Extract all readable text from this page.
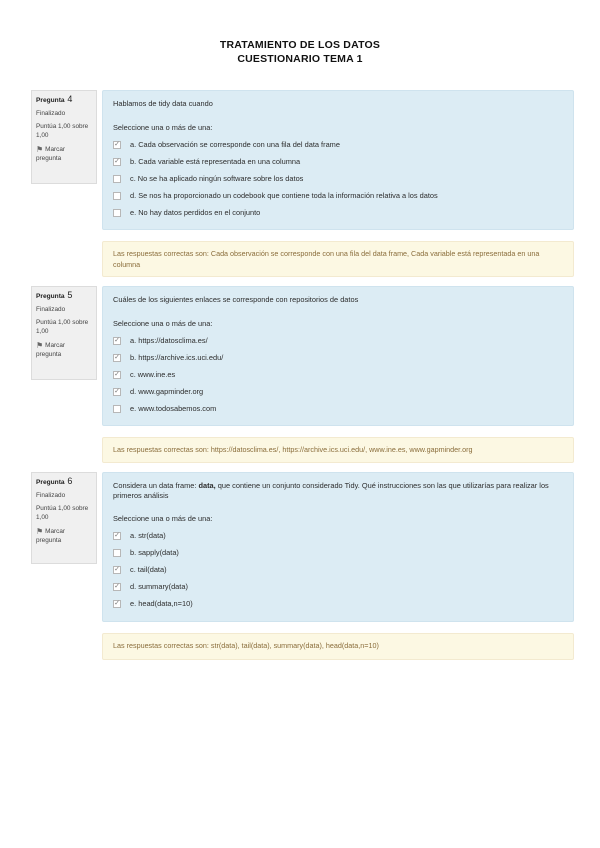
TRATAMIENTO DE LOS DATOS
CUESTIONARIO TEMA 1
Pregunta 4
Finalizado
Puntúa 1,00 sobre 1,00
⚑ Marcar pregunta
Hablamos de tidy data cuando
Seleccione una o más de una:
✓ a. Cada observación se corresponde con una fila del data frame
✓ b. Cada variable está representada en una columna
c. No se ha aplicado ningún software sobre los datos
d. Se nos ha proporcionado un codebook que contiene toda la información relativa a los datos
e. No hay datos perdidos en el conjunto
Las respuestas correctas son: Cada observación se corresponde con una fila del data frame, Cada variable está representada en una columna
Pregunta 5
Finalizado
Puntúa 1,00 sobre 1,00
⚑ Marcar pregunta
Cuáles de los siguientes enlaces se corresponde con repositorios de datos
Seleccione una o más de una:
✓ a. https://datosclima.es/
✓ b. https://archive.ics.uci.edu/
✓ c. www.ine.es
✓ d. www.gapminder.org
e. www.todosabemos.com
Las respuestas correctas son: https://datosclima.es/, https://archive.ics.uci.edu/, www.ine.es, www.gapminder.org
Pregunta 6
Finalizado
Puntúa 1,00 sobre 1,00
⚑ Marcar pregunta
Considera un data frame: data, que contiene un conjunto considerado Tidy. Qué instrucciones son las que utilizarías para realizar los primeros análisis
Seleccione una o más de una:
✓ a. str(data)
b. sapply(data)
✓ c. tail(data)
✓ d. summary(data)
✓ e. head(data,n=10)
Las respuestas correctas son: str(data), tail(data), summary(data), head(data,n=10)
